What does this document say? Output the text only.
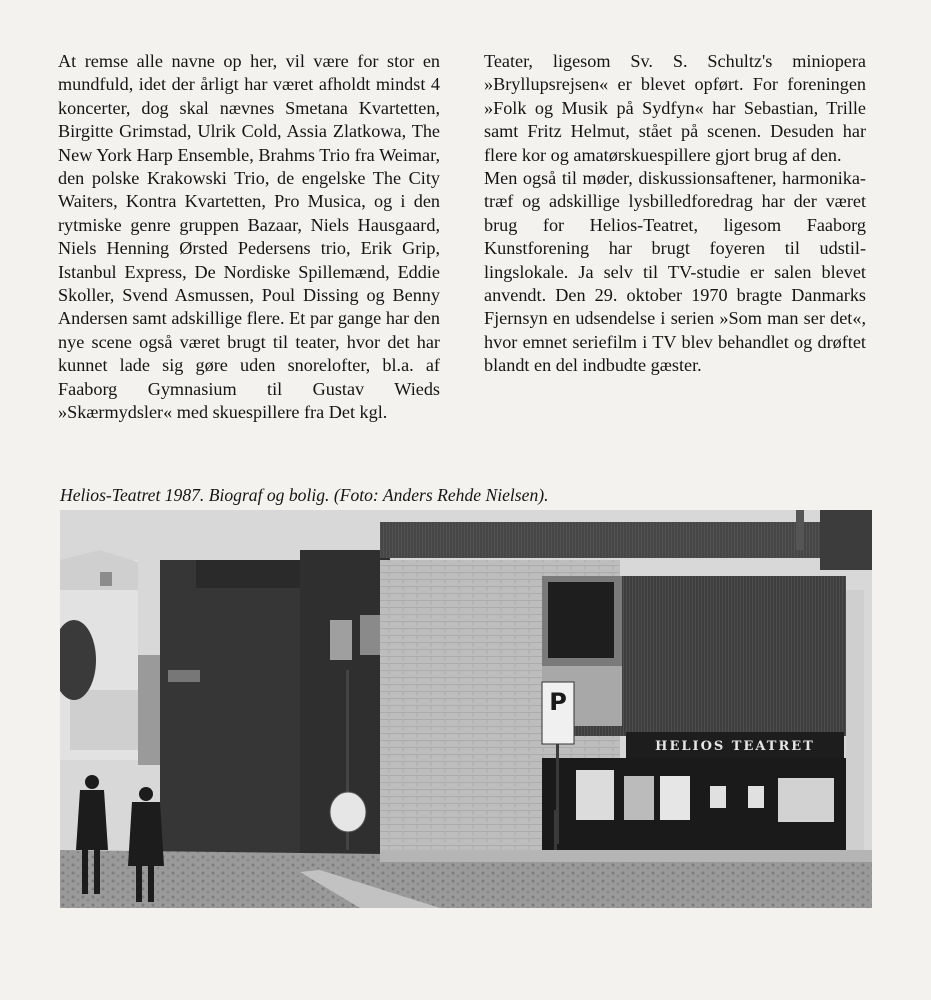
At remse alle navne op her, vil være for stor en mundfuld, idet der årligt har været afholdt mindst 4 koncerter, dog skal nævnes Smetana Kvartetten, Birgitte Grimstad, Ulrik Cold, Assia Zlatkowa, The New York Harp Ensemble, Brahms Trio fra Weimar, den polske Krakowski Trio, de engelske The City Waiters, Kontra Kvartetten, Pro Musica, og i den rytmiske genre gruppen Bazaar, Niels Hausgaard, Niels Henning Ørsted Pedersens trio, Erik Grip, Istanbul Express, De Nordiske Spillemænd, Eddie Skoller, Svend Asmussen, Poul Dissing og Benny Andersen samt adskillige flere. Et par gange har den nye scene også været brugt til teater, hvor det har kunnet lade sig gøre uden snorelofter, bl.a. af Faaborg Gymnasium til Gustav Wieds »Skærmydsler« med skuespillere fra Det kgl.

Teater, ligesom Sv. S. Schultz's miniopera »Bryllupsrejsen« er blevet opført. For foreningen »Folk og Musik på Sydfyn« har Sebastian, Trille samt Fritz Helmut, stået på scenen. Desuden har flere kor og amatørskuespillere gjort brug af den.

Men også til møder, diskussionsaftener, harmonika-træf og adskillige lysbilledforedrag har der været brug for Helios-Teatret, ligesom Faaborg Kunstforening har brugt foyeren til udstillingslokale. Ja selv til TV-studie er salen blevet anvendt. Den 29. oktober 1970 bragte Danmarks Fjernsyn en udsendelse i serien »Som man ser det«, hvor emnet seriefilm i TV blev behandlet og drøftet blandt en del indbudte gæster.

Helios-Teatret 1987. Biograf og bolig. (Foto: Anders Rehde Nielsen).
HELIOS TEATRET
P
